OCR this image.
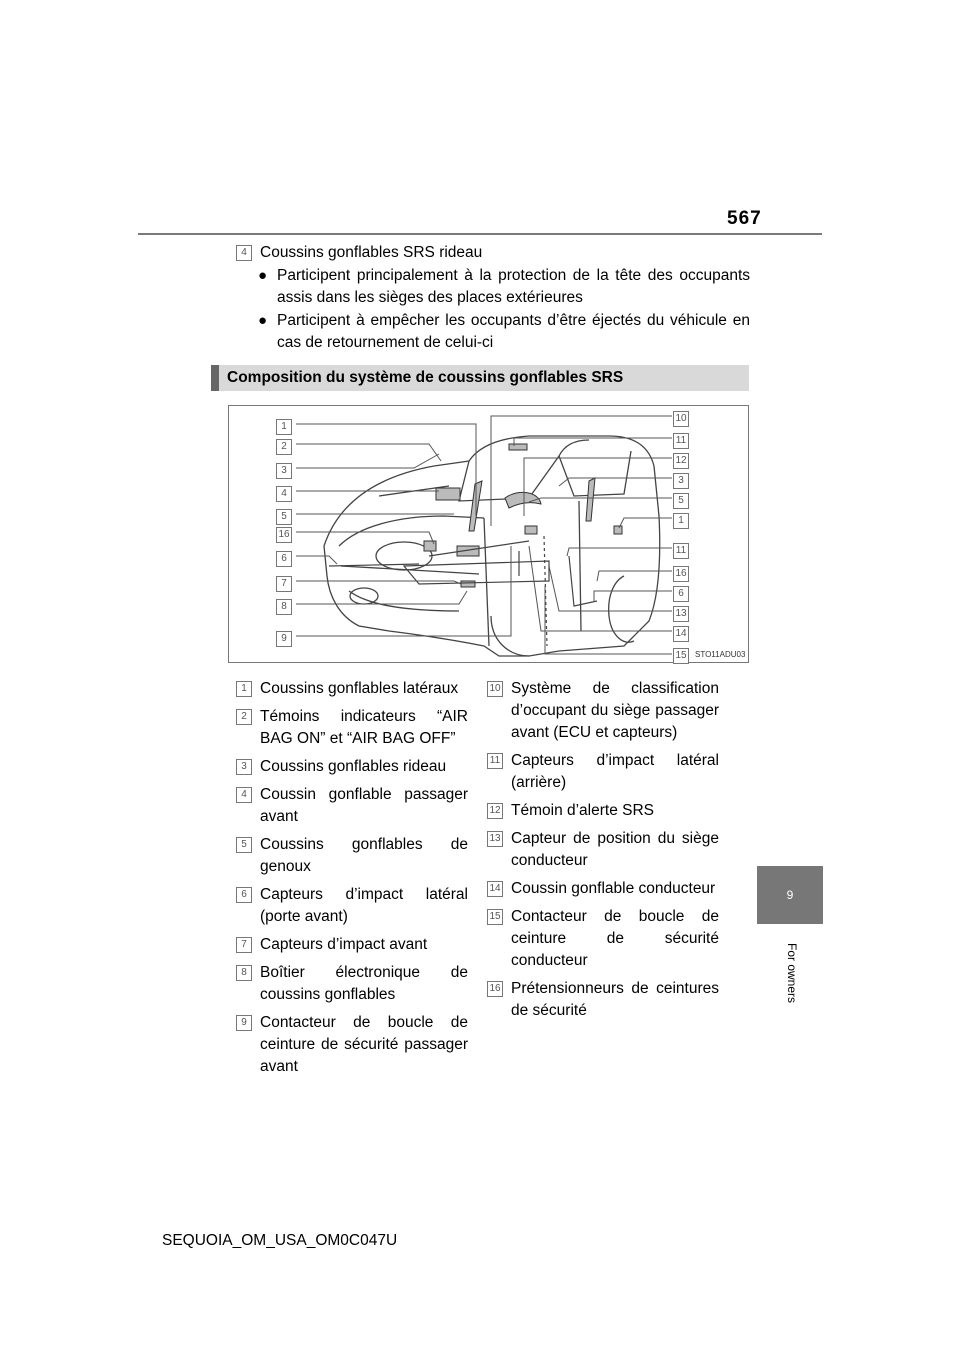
567
9
For owners
4 Coussins gonflables SRS rideau
● Participent principalement à la protection de la tête des occupants assis dans les sièges des places extérieures
● Participent à empêcher les occupants d’être éjectés du véhicule en cas de retournement de celui-ci
Composition du système de coussins gonflables SRS
1
2
3
4
5
16
6
7
8
9
10
11
12
3
5
1
11
16
6
13
14
15	STO11ADU03
1 Coussins gonflables latéraux
2 Témoins indicateurs “AIR BAG ON” et “AIR BAG OFF”
3 Coussins gonflables rideau
4 Coussin gonflable passager avant
5 Coussins gonflables de genoux
6 Capteurs d’impact latéral (porte avant)
7 Capteurs d’impact avant
8 Boîtier électronique de coussins gonflables
9 Contacteur de boucle de ceinture de sécurité passager avant
10 Système de classification d’occupant du siège passager avant (ECU et capteurs)
11 Capteurs d’impact latéral (arrière)
12 Témoin d’alerte SRS
13 Capteur de position du siège conducteur
14 Coussin gonflable conducteur
15 Contacteur de boucle de ceinture de sécurité conducteur
16 Prétensionneurs de ceintures de sécurité
SEQUOIA_OM_USA_OM0C047U
